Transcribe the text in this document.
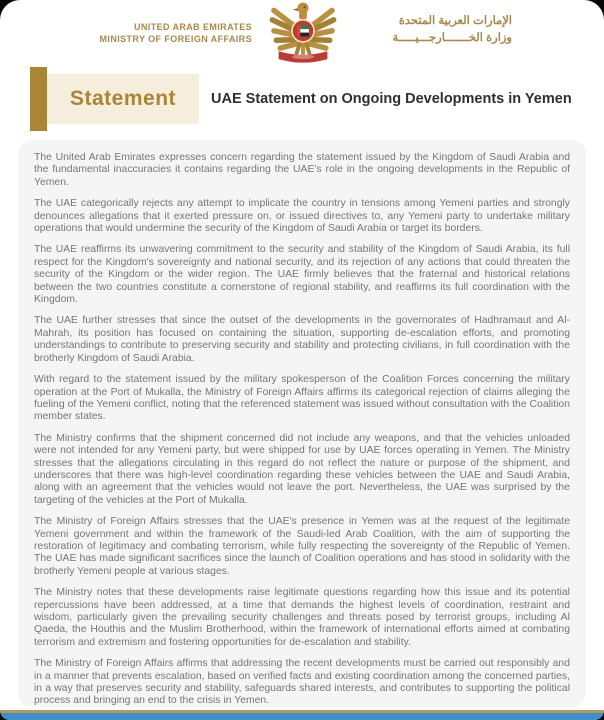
UNITED ARAB EMIRATES
MINISTRY OF FOREIGN AFFAIRS
الإمارات العربية المتحدة
وزارة الخـــــــارجـــيـــــة
Statement UAE Statement on Ongoing Developments in Yemen

The United Arab Emirates expresses concern regarding the statement issued by the Kingdom of Saudi Arabia and the fundamental inaccuracies it contains regarding the UAE's role in the ongoing developments in the Republic of Yemen.

The UAE categorically rejects any attempt to implicate the country in tensions among Yemeni parties and strongly denounces allegations that it exerted pressure on, or issued directives to, any Yemeni party to undertake military operations that would undermine the security of the Kingdom of Saudi Arabia or target its borders.

The UAE reaffirms its unwavering commitment to the security and stability of the Kingdom of Saudi Arabia, its full respect for the Kingdom's sovereignty and national security, and its rejection of any actions that could threaten the security of the Kingdom or the wider region. The UAE firmly believes that the fraternal and historical relations between the two countries constitute a cornerstone of regional stability, and reaffirms its full coordination with the Kingdom.

The UAE further stresses that since the outset of the developments in the governorates of Hadhramaut and Al-Mahrah, its position has focused on containing the situation, supporting de-escalation efforts, and promoting understandings to contribute to preserving security and stability and protecting civilians, in full coordination with the brotherly Kingdom of Saudi Arabia.

With regard to the statement issued by the military spokesperson of the Coalition Forces concerning the military operation at the Port of Mukalla, the Ministry of Foreign Affairs affirms its categorical rejection of claims alleging the fueling of the Yemeni conflict, noting that the referenced statement was issued without consultation with the Coalition member states.

The Ministry confirms that the shipment concerned did not include any weapons, and that the vehicles unloaded were not intended for any Yemeni party, but were shipped for use by UAE forces operating in Yemen. The Ministry stresses that the allegations circulating in this regard do not reflect the nature or purpose of the shipment, and underscores that there was high-level coordination regarding these vehicles between the UAE and Saudi Arabia, along with an agreement that the vehicles would not leave the port. Nevertheless, the UAE was surprised by the targeting of the vehicles at the Port of Mukalla.

The Ministry of Foreign Affairs stresses that the UAE's presence in Yemen was at the request of the legitimate Yemeni government and within the framework of the Saudi-led Arab Coalition, with the aim of supporting the restoration of legitimacy and combating terrorism, while fully respecting the sovereignty of the Republic of Yemen. The UAE has made significant sacrifices since the launch of Coalition operations and has stood in solidarity with the brotherly Yemeni people at various stages.

The Ministry notes that these developments raise legitimate questions regarding how this issue and its potential repercussions have been addressed, at a time that demands the highest levels of coordination, restraint and wisdom, particularly given the prevailing security challenges and threats posed by terrorist groups, including Al Qaeda, the Houthis and the Muslim Brotherhood, within the framework of international efforts aimed at combating terrorism and extremism and fostering opportunities for de-escalation and stability.

The Ministry of Foreign Affairs affirms that addressing the recent developments must be carried out responsibly and in a manner that prevents escalation, based on verified facts and existing coordination among the concerned parties, in a way that preserves security and stability, safeguards shared interests, and contributes to supporting the political process and bringing an end to the crisis in Yemen.
